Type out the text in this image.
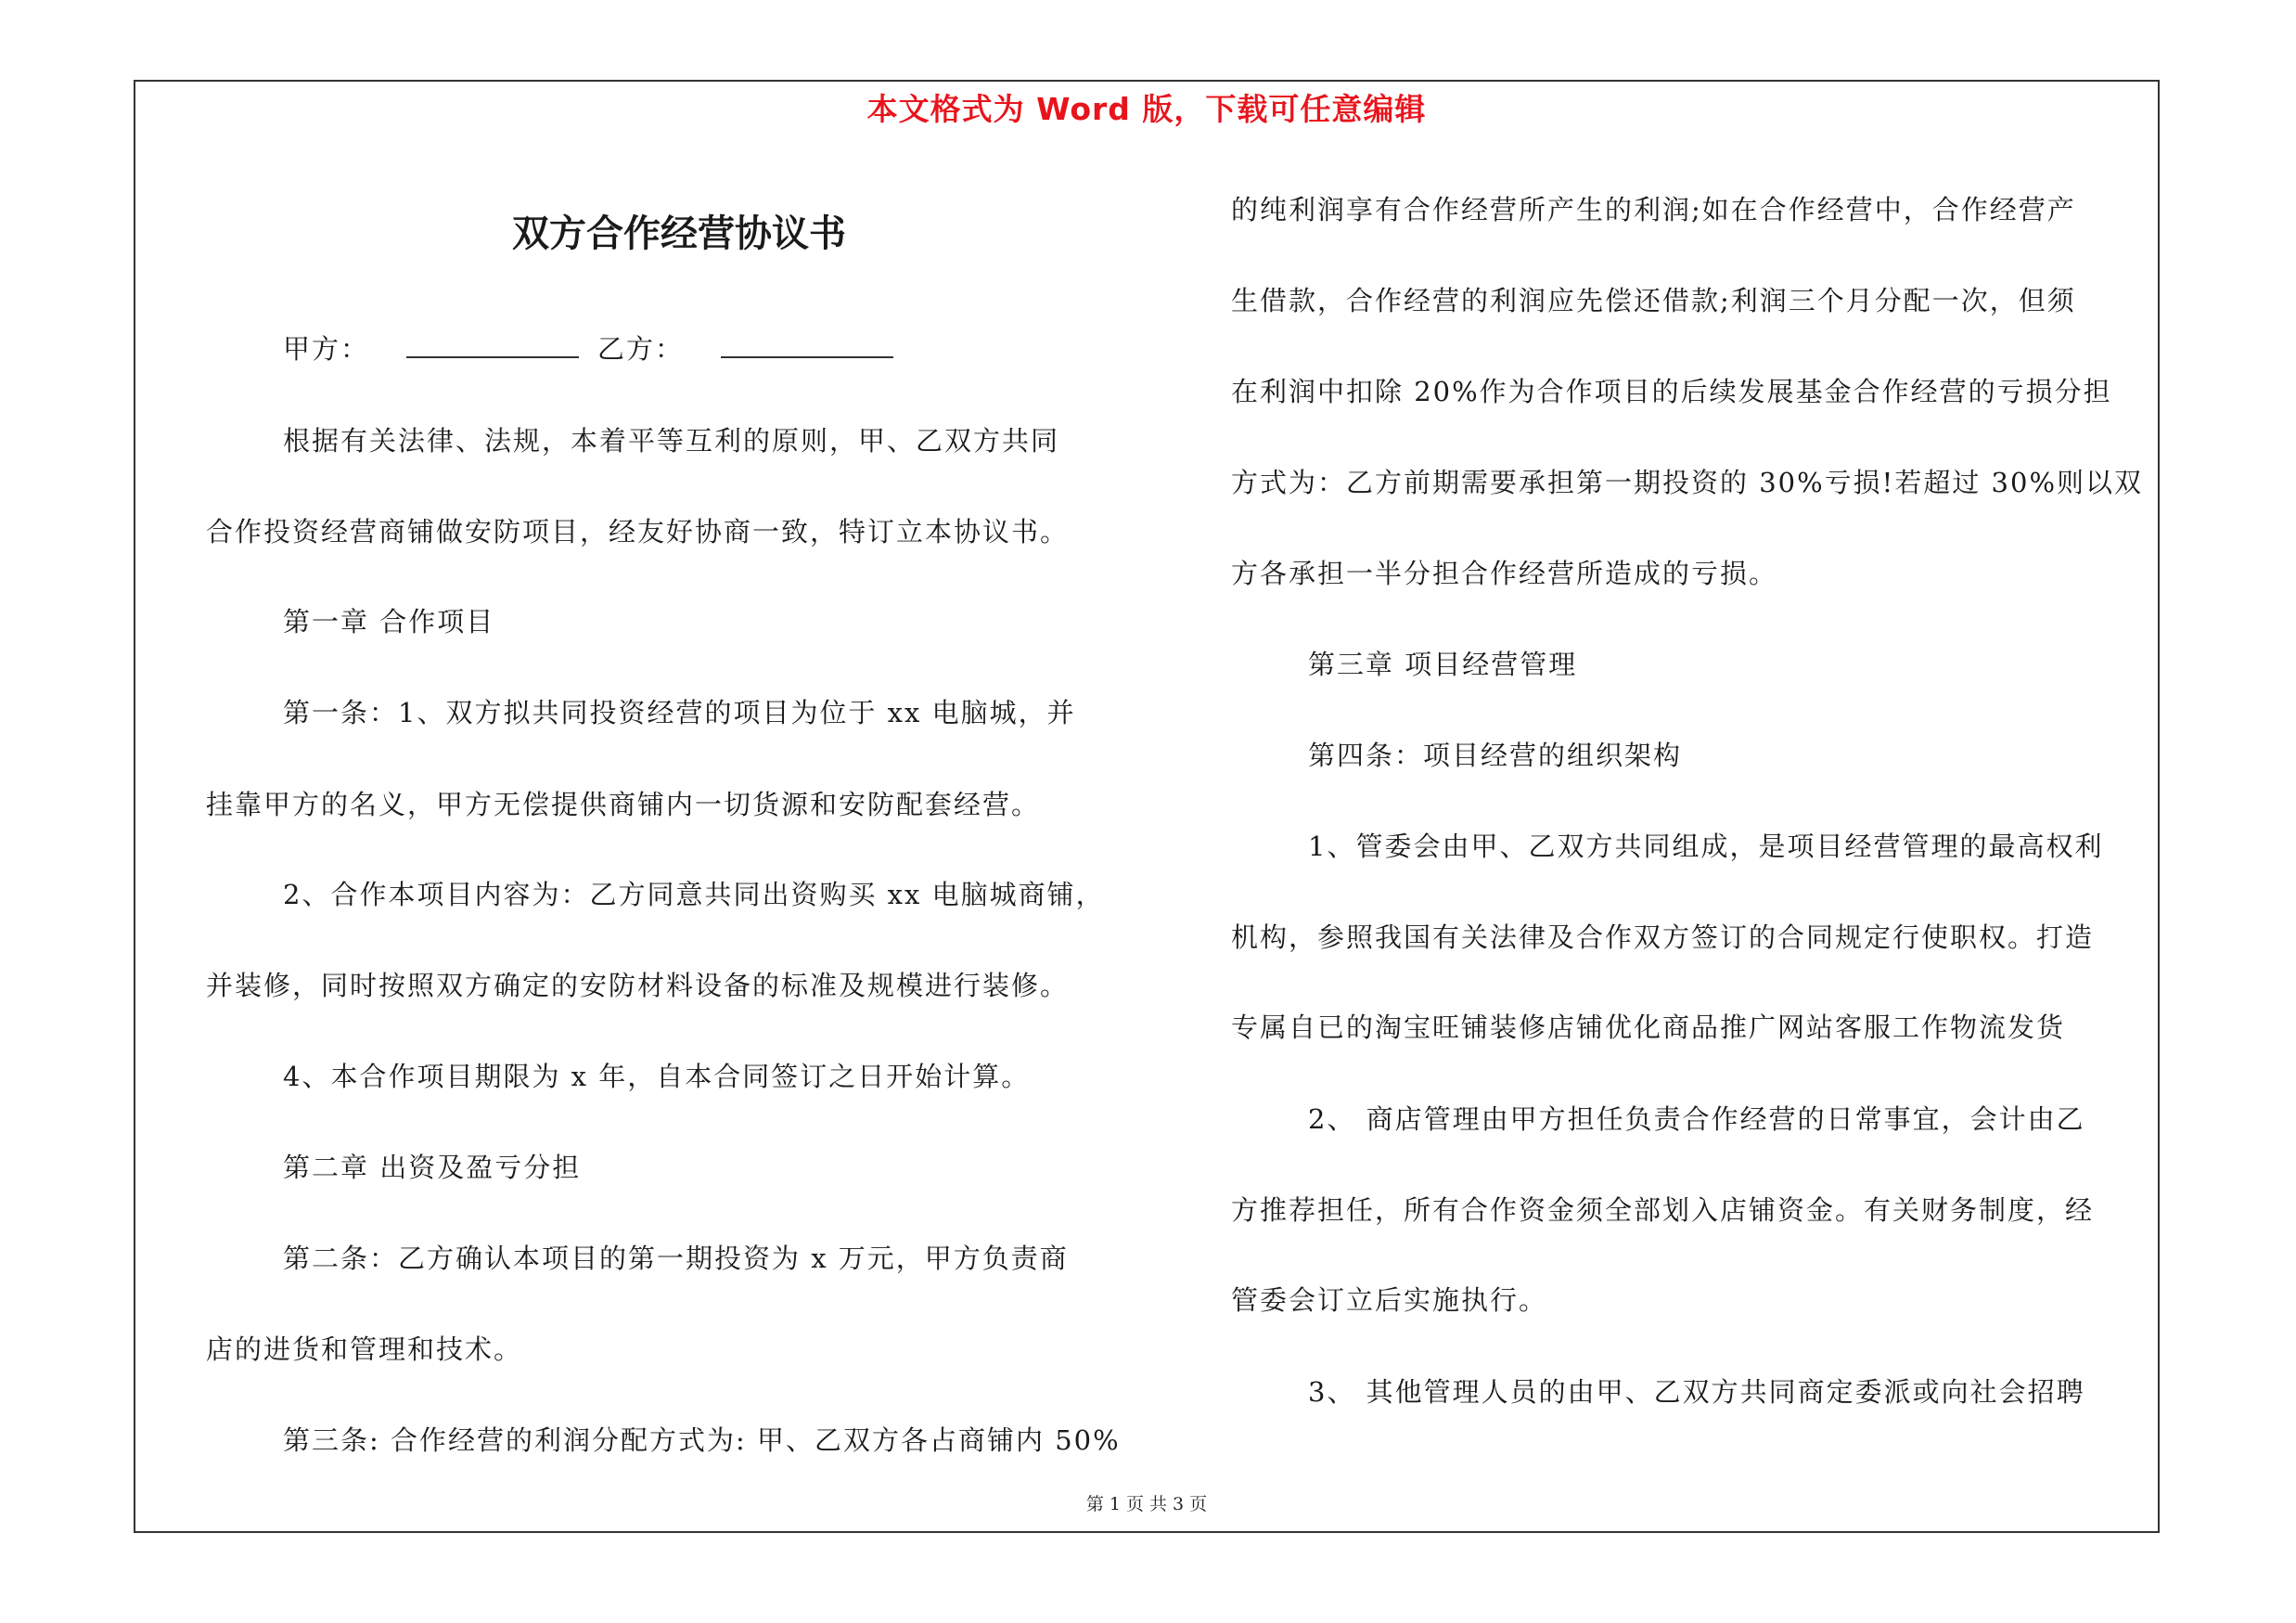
本文格式为 Word 版，下载可任意编辑
双方合作经营协议书
甲方：	乙方：
根据有关法律、法规，本着平等互利的原则，甲、乙双方共同
合作投资经营商铺做安防项目，经友好协商一致，特订立本协议书。
第一章 合作项目
第一条：1、双方拟共同投资经营的项目为位于 xx 电脑城，并
挂靠甲方的名义，甲方无偿提供商铺内一切货源和安防配套经营。
2、合作本项目内容为：乙方同意共同出资购买 xx 电脑城商铺，
并装修，同时按照双方确定的安防材料设备的标准及规模进行装修。
4、本合作项目期限为 x 年，自本合同签订之日开始计算。
第二章 出资及盈亏分担
第二条：乙方确认本项目的第一期投资为 x 万元，甲方负责商
店的进货和管理和技术。
第三条: 合作经营的利润分配方式为: 甲、乙双方各占商铺内 50%
的纯利润享有合作经营所产生的利润;如在合作经营中，合作经营产
生借款，合作经营的利润应先偿还借款;利润三个月分配一次，但须
在利润中扣除 20%作为合作项目的后续发展基金合作经营的亏损分担
方式为：乙方前期需要承担第一期投资的 30%亏损!若超过 30%则以双
方各承担一半分担合作经营所造成的亏损。
第三章 项目经营管理
第四条：项目经营的组织架构
1、管委会由甲、乙双方共同组成，是项目经营管理的最高权利
机构，参照我国有关法律及合作双方签订的合同规定行使职权。打造
专属自已的淘宝旺铺装修店铺优化商品推广网站客服工作物流发货
2、 商店管理由甲方担任负责合作经营的日常事宜，会计由乙
方推荐担任，所有合作资金须全部划入店铺资金。有关财务制度，经
管委会订立后实施执行。
3、 其他管理人员的由甲、乙双方共同商定委派或向社会招聘
第 1 页 共 3 页
